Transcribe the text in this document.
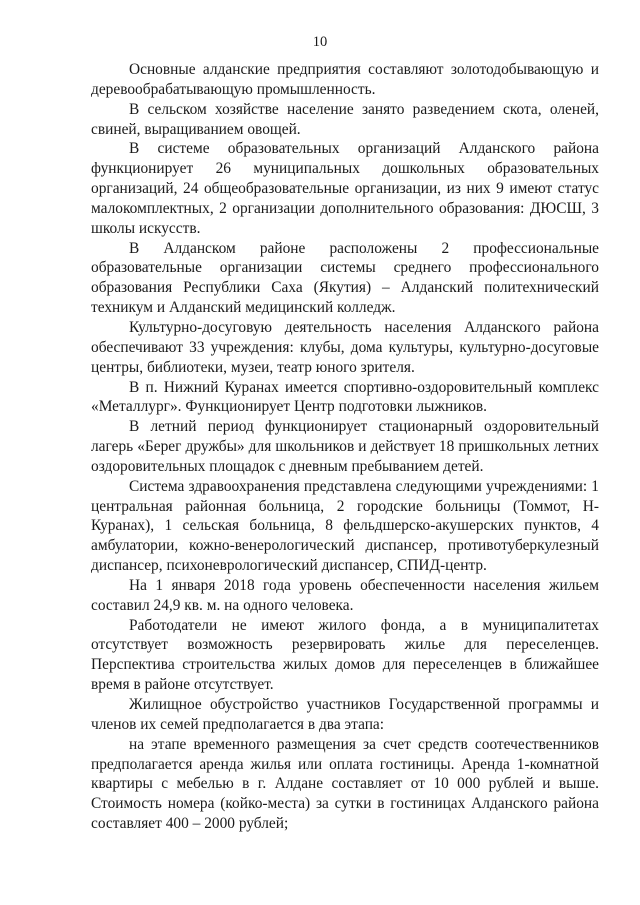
10

Основные алданские предприятия составляют золотодобывающую и деревообрабатывающую промышленность.

В сельском хозяйстве население занято разведением скота, оленей, свиней, выращиванием овощей.

В системе образовательных организаций Алданского района функционирует 26 муниципальных дошкольных образовательных организаций, 24 общеобразовательные организации, из них 9 имеют статус малокомплектных, 2 организации дополнительного образования: ДЮСШ, 3 школы искусств.

В Алданском районе расположены 2 профессиональные образовательные организации системы среднего профессионального образования Республики Саха (Якутия) – Алданский политехнический техникум и Алданский медицинский колледж.

Культурно-досуговую деятельность населения Алданского района обеспечивают 33 учреждения: клубы, дома культуры, культурно-досуговые центры, библиотеки, музеи, театр юного зрителя.

В п. Нижний Куранах имеется спортивно-оздоровительный комплекс «Металлург». Функционирует Центр подготовки лыжников.

В летний период функционирует стационарный оздоровительный лагерь «Берег дружбы» для школьников и действует 18 пришкольных летних оздоровительных площадок с дневным пребыванием детей.

Система здравоохранения представлена следующими учреждениями: 1 центральная районная больница, 2 городские больницы (Томмот, Н-Куранах), 1 сельская больница, 8 фельдшерско-акушерских пунктов, 4 амбулатории, кожно-венерологический диспансер, противотуберкулезный диспансер, психоневрологический диспансер, СПИД-центр.

На 1 января 2018 года уровень обеспеченности населения жильем составил 24,9 кв. м. на одного человека.

Работодатели не имеют жилого фонда, а в муниципалитетах отсутствует возможность резервировать жилье для переселенцев. Перспектива строительства жилых домов для переселенцев в ближайшее время в районе отсутствует.

Жилищное обустройство участников Государственной программы и членов их семей предполагается в два этапа:

на этапе временного размещения за счет средств соотечественников предполагается аренда жилья или оплата гостиницы. Аренда 1-комнатной квартиры с мебелью в г. Алдане составляет от 10 000 рублей и выше. Стоимость номера (койко-места) за сутки в гостиницах Алданского района составляет 400 – 2000 рублей;
